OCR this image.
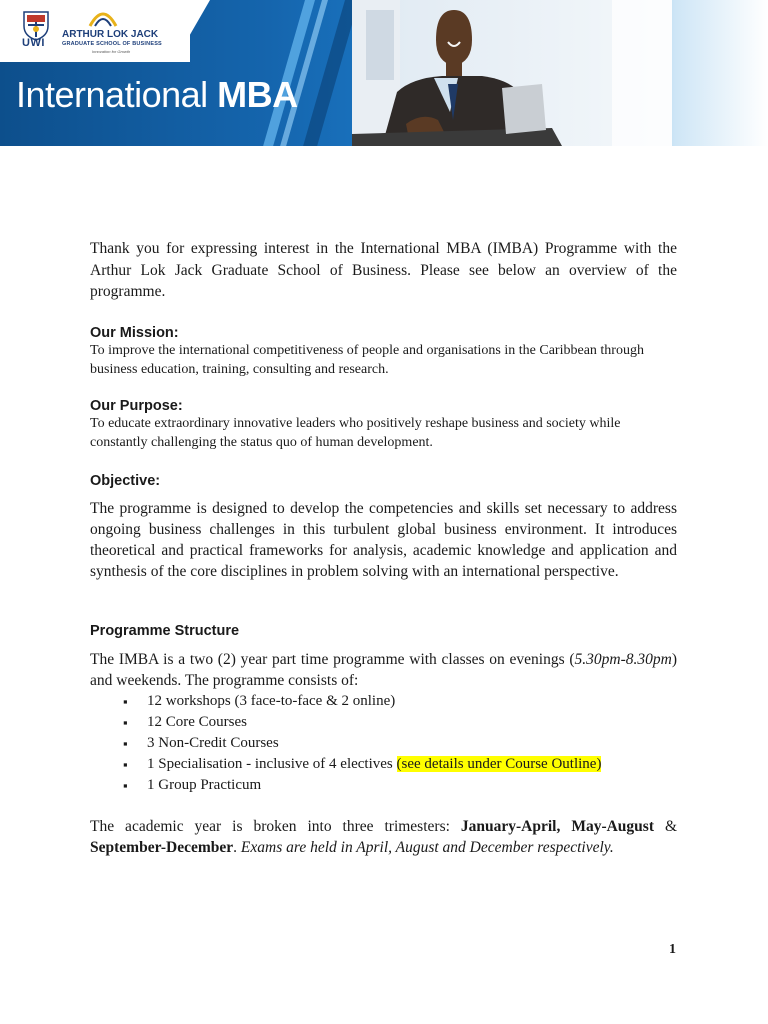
UWI
ARTHUR LOK JACK
GRADUATE SCHOOL OF BUSINESS
Innovation for Growth
International MBA

Thank you for expressing interest in the International MBA (IMBA) Programme with the Arthur Lok Jack Graduate School of Business. Please see below an overview of the programme.

Our Mission:

To improve the international competitiveness of people and organisations in the Caribbean through business education, training, consulting and research.

Our Purpose:

To educate extraordinary innovative leaders who positively reshape business and society while constantly challenging the status quo of human development.

Objective:

The programme is designed to develop the competencies and skills set necessary to address ongoing business challenges in this turbulent global business environment. It introduces theoretical and practical frameworks for analysis, academic knowledge and application and synthesis of the core disciplines in problem solving with an international perspective.

Programme Structure

The IMBA is a two (2) year part time programme with classes on evenings (5.30pm-8.30pm) and weekends. The programme consists of:

▪ 12 workshops (3 face-to-face & 2 online)
▪ 12 Core Courses
▪ 3 Non-Credit Courses
▪ 1 Specialisation - inclusive of 4 electives (see details under Course Outline)
▪ 1 Group Practicum

The academic year is broken into three trimesters: January-April, May-August & September-December. Exams are held in April, August and December respectively.

1
